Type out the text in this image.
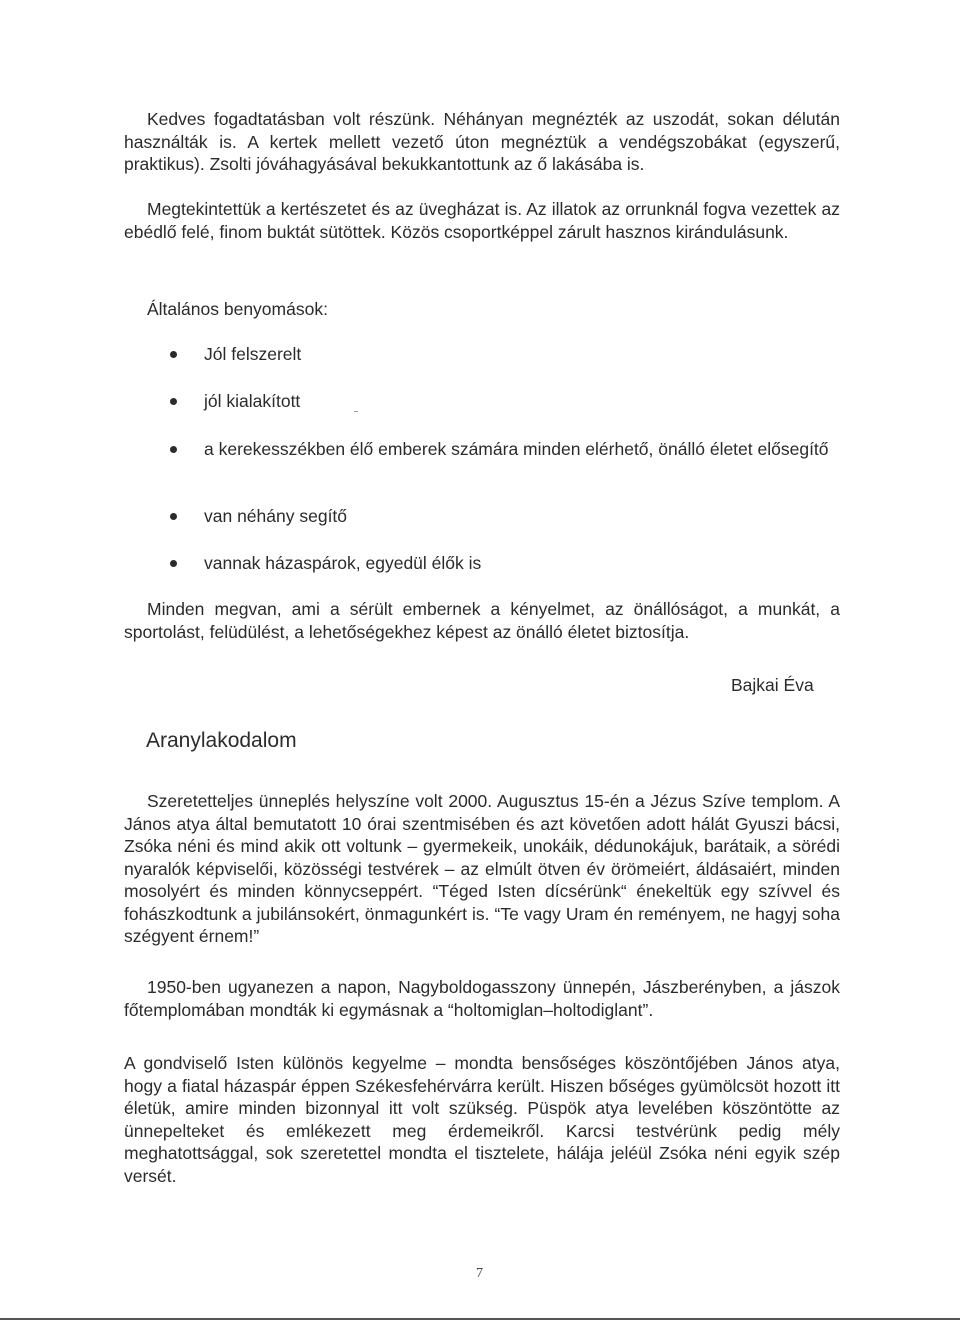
Kedves fogadtatásban volt részünk. Néhányan megnézték az uszodát, sokan délután használták is. A kertek mellett vezető úton megnéztük a vendégszobákat (egyszerű, praktikus). Zsolti jóváhagyásával bekukkantottunk az ő lakásába is.

Megtekintettük a kertészetet és az üvegházat is. Az illatok az orrunknál fogva vezettek az ebédlő felé, finom buktát sütöttek. Közös csoportképpel zárult hasznos kirándulásunk.

Általános benyomások:

Jól felszerelt
jól kialakított
a kerekesszékben élő emberek számára minden elérhető, önálló életet elősegítő
van néhány segítő
vannak házaspárok, egyedül élők is

Minden megvan, ami a sérült embernek a kényelmet, az önállóságot, a munkát, a sportolást, felüdülést, a lehetőségekhez képest az önálló életet biztosítja.

Bajkai Éva

Aranylakodalom

Szeretetteljes ünneplés helyszíne volt 2000. Augusztus 15-én a Jézus Szíve templom. A János atya által bemutatott 10 órai szentmisében és azt követően adott hálát Gyuszi bácsi, Zsóka néni és mind akik ott voltunk – gyermekeik, unokáik, dédunokájuk, barátaik, a sörédi nyaralók képviselői, közösségi testvérek – az elmúlt ötven év örömeiért, áldásaiért, minden mosolyért és minden könnycseppért. “Téged Isten dícsérünk“ énekeltük egy szívvel és fohászkodtunk a jubilánsokért, önmagunkért is. “Te vagy Uram én reményem, ne hagyj soha szégyent érnem!”

1950-ben ugyanezen a napon, Nagyboldogasszony ünnepén, Jászberényben, a jászok főtemplomában mondták ki egymásnak a “holtomiglan–holtodiglant”.

A gondviselő Isten különös kegyelme – mondta bensőséges köszöntőjében János atya, hogy a fiatal házaspár éppen Székesfehérvárra került. Hiszen bőséges gyümölcsöt hozott itt életük, amire minden bizonnyal itt volt szükség. Püspök atya levelében köszöntötte az ünnepelteket és emlékezett meg érdemeikről. Karcsi testvérünk pedig mély meghatottsággal, sok szeretettel mondta el tisztelete, hálája jeléül Zsóka néni egyik szép versét.

7
